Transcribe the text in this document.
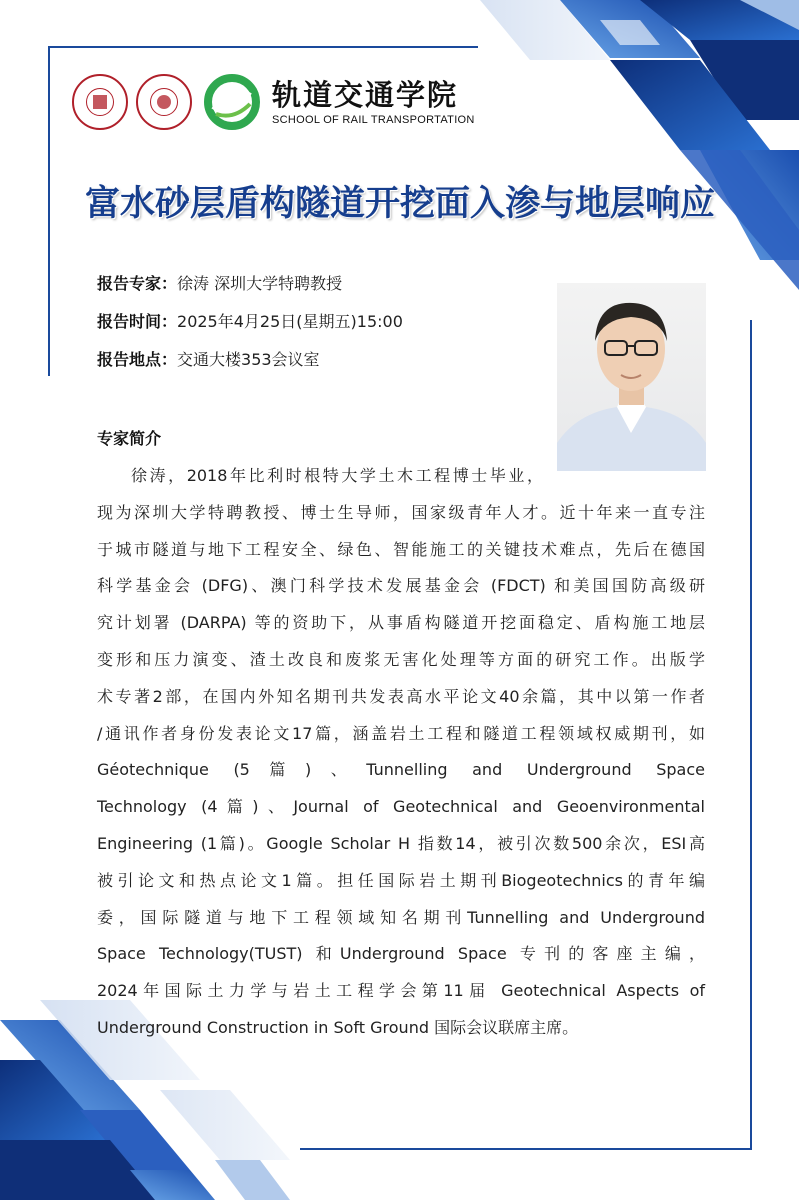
轨道交通学院
SCHOOL OF RAIL TRANSPORTATION
富水砂层盾构隧道开挖面入渗与地层响应
报告专家：徐涛 深圳大学特聘教授
报告时间：2025年4月25日(星期五)15:00
报告地点：交通大楼353会议室
专家简介
徐涛，2018年比利时根特大学土木工程博士毕业，
现为深圳大学特聘教授、博士生导师，国家级青年人才。近十年来一直专注
于城市隧道与地下工程安全、绿色、智能施工的关键技术难点，先后在德国
科学基金会 (DFG)、澳门科学技术发展基金会 (FDCT) 和美国国防高级研
究计划署 (DARPA) 等的资助下，从事盾构隧道开挖面稳定、盾构施工地层
变形和压力演变、渣土改良和废浆无害化处理等方面的研究工作。出版学
术专著2部，在国内外知名期刊共发表高水平论文40余篇，其中以第一作者
/通讯作者身份发表论文17篇，涵盖岩土工程和隧道工程领域权威期刊，如
Géotechnique (5篇)、Tunnelling and Underground Space
Technology (4篇)、Journal of Geotechnical and Geoenvironmental
Engineering (1篇)。Google Scholar H 指数14，被引次数500余次，ESI高
被引论文和热点论文1篇。担任国际岩土期刊Biogeotechnics的青年编
委，国际隧道与地下工程领域知名期刊Tunnelling and Underground
Space Technology(TUST) 和Underground Space 专刊的客座主编，
2024年国际土力学与岩土工程学会第11届 Geotechnical Aspects of
Underground Construction in Soft Ground 国际会议联席主席。
